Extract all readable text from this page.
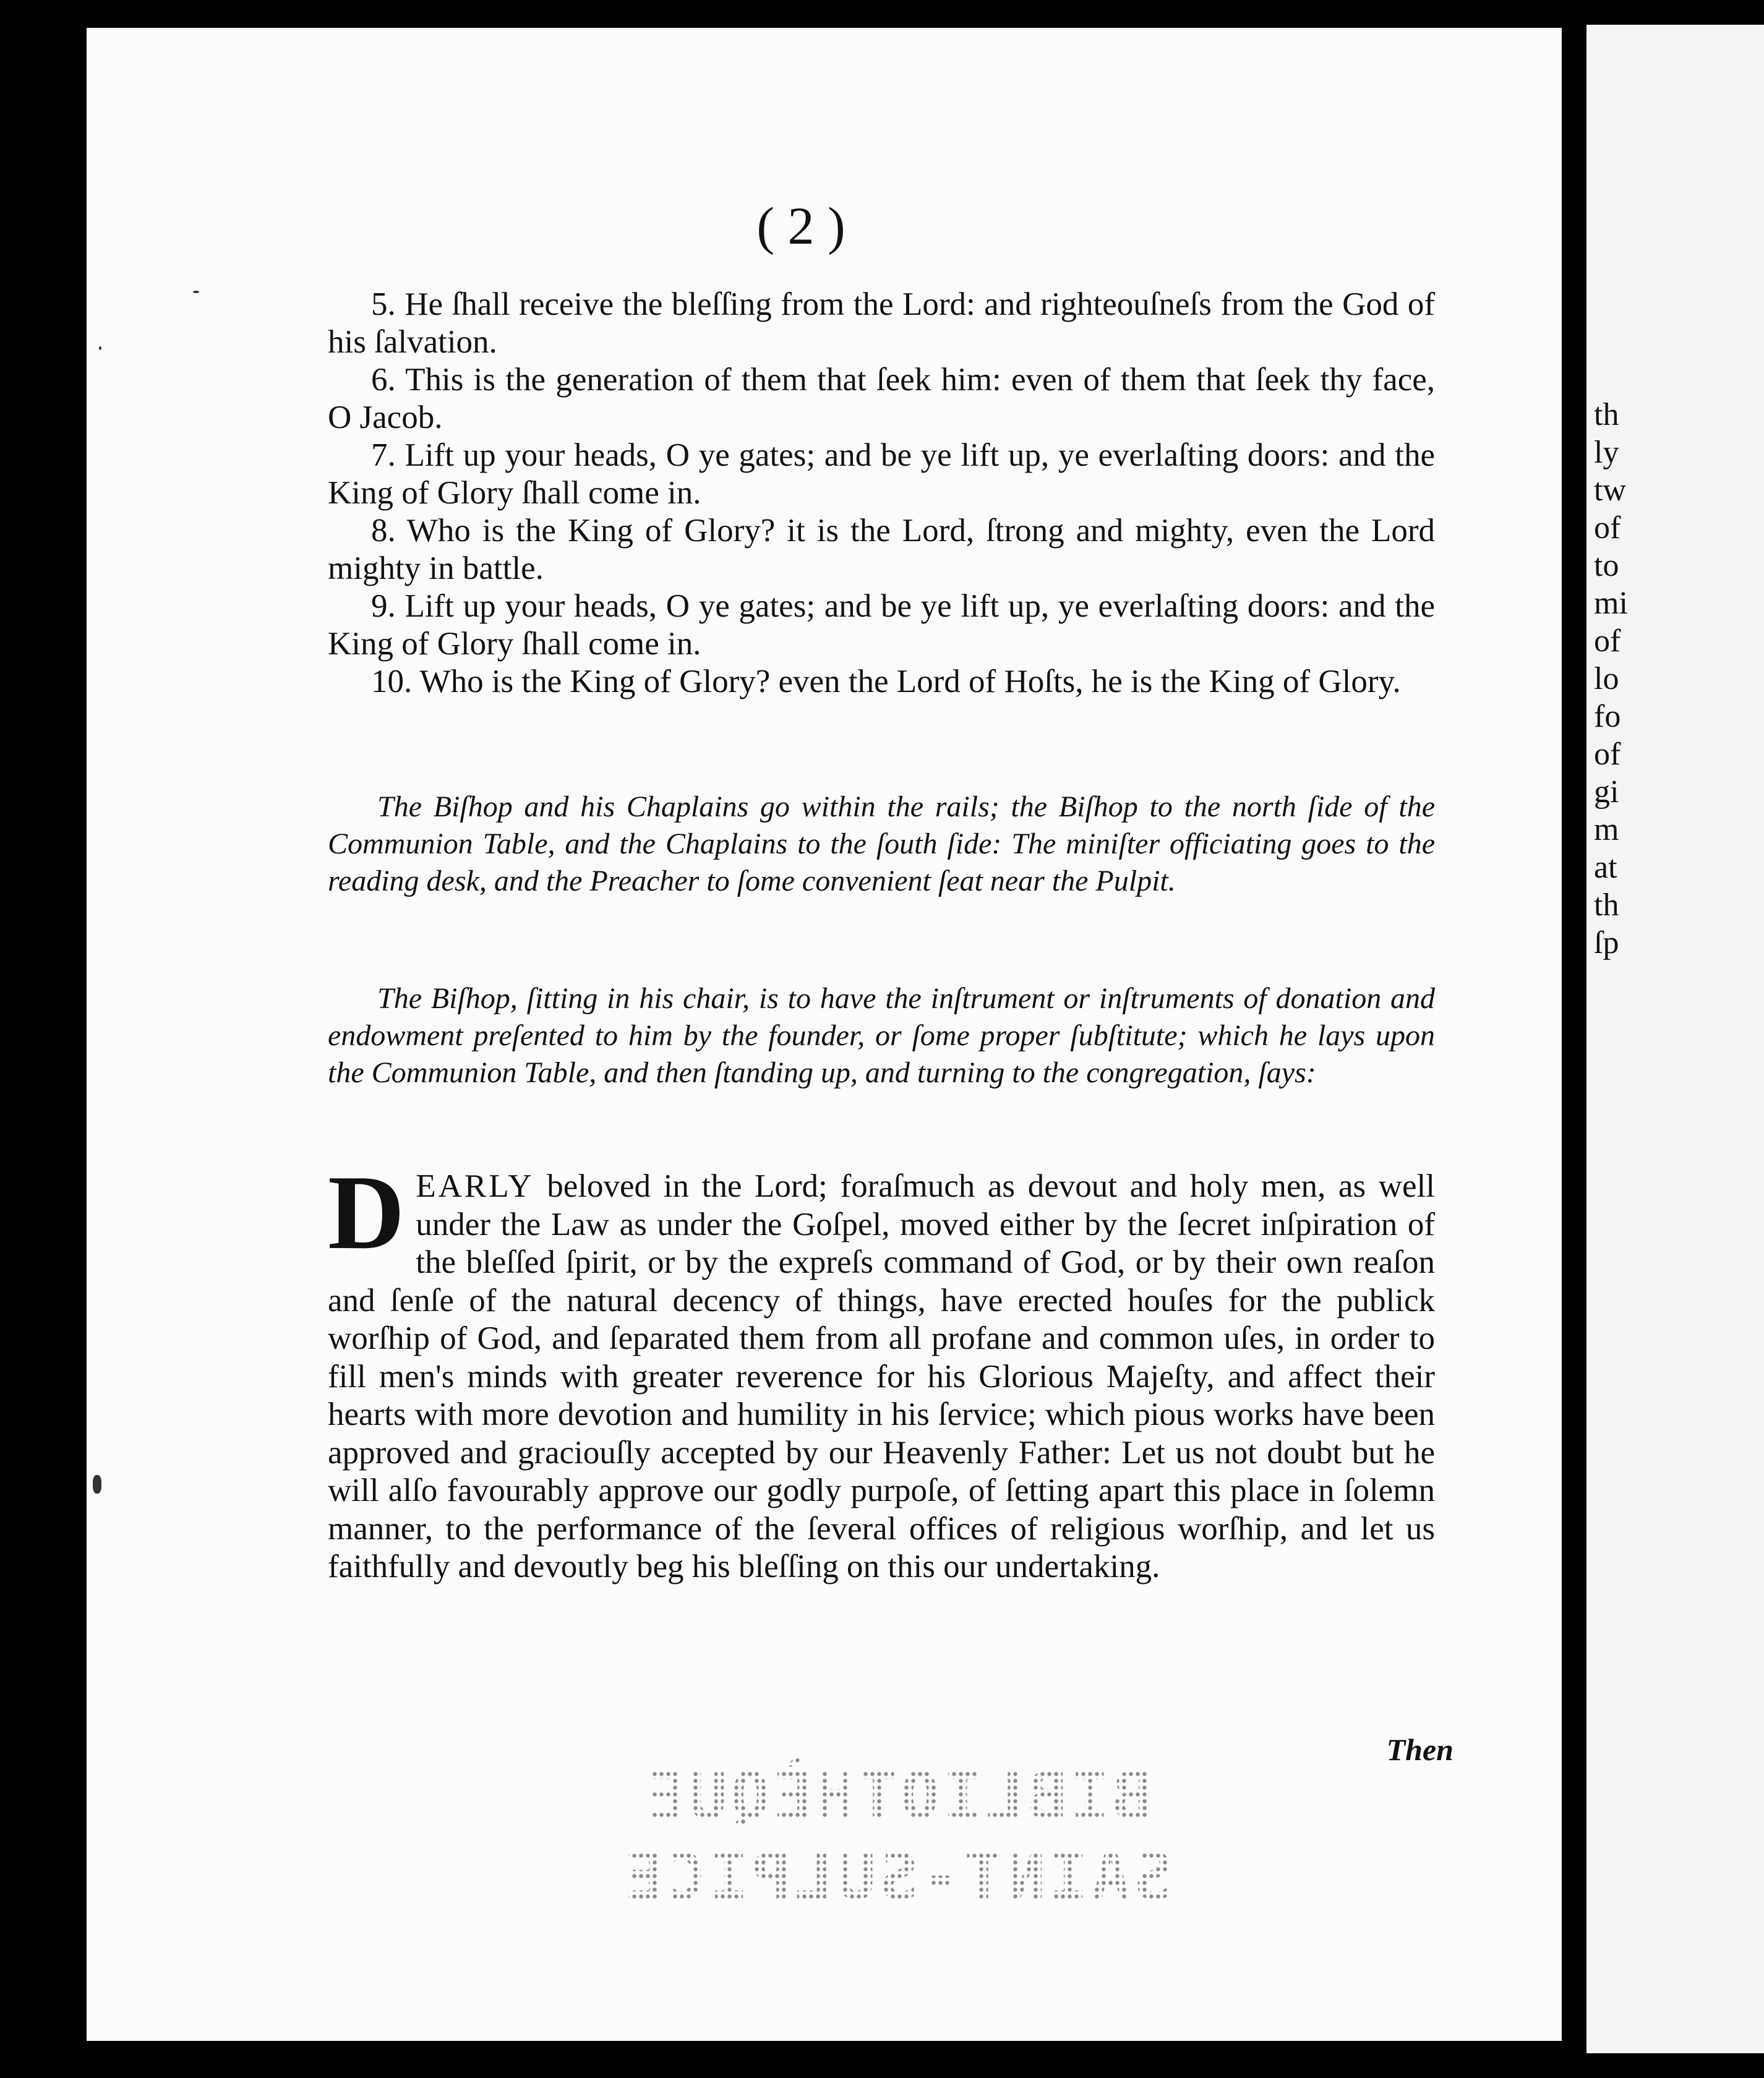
th
ly
tw
of
to
mi
of
lo
fo
of
gi
m
at
th
ſp
( 2 )

5. He ſhall receive the bleſſing from the Lord: and righteouſneſs from the God of his ſalvation.

6. This is the generation of them that ſeek him: even of them that ſeek thy face, O Jacob.

7. Lift up your heads, O ye gates; and be ye lift up, ye everlaſting doors: and the King of Glory ſhall come in.

8. Who is the King of Glory? it is the Lord, ſtrong and mighty, even the Lord mighty in battle.

9. Lift up your heads, O ye gates; and be ye lift up, ye everlaſting doors: and the King of Glory ſhall come in.

10. Who is the King of Glory? even the Lord of Hoſts, he is the King of Glory.

The Biſhop and his Chaplains go within the rails; the Biſhop to the north ſide of the Communion Table, and the Chaplains to the ſouth ſide: The miniſter officiating goes to the reading desk, and the Preacher to ſome convenient ſeat near the Pulpit.

The Biſhop, ſitting in his chair, is to have the inſtrument or inſtruments of donation and endowment preſented to him by the founder, or ſome proper ſubſtitute; which he lays upon the Communion Table, and then ſtanding up, and turning to the congregation, ſays:

DEARLY beloved in the Lord; foraſmuch as devout and holy men, as well under the Law as under the Goſpel, moved either by the ſecret inſpiration of the bleſſed ſpirit, or by the expreſs command of God, or by their own reaſon and ſenſe of the natural decency of things, have erected houſes for the publick worſhip of God, and ſeparated them from all profane and common uſes, in order to fill men's minds with greater reverence for his Glorious Majeſty, and affect their hearts with more devotion and humility in his ſervice; which pious works have been approved and graciouſly accepted by our Heavenly Father: Let us not doubt but he will alſo favourably approve our godly purpoſe, of ſetting apart this place in ſolemn manner, to the performance of the ſeveral offices of religious worſhip, and let us faithfully and devoutly beg his bleſſing on this our undertaking.

Then
BIBLIOTHÈQUE
SAINT-SULPICE
